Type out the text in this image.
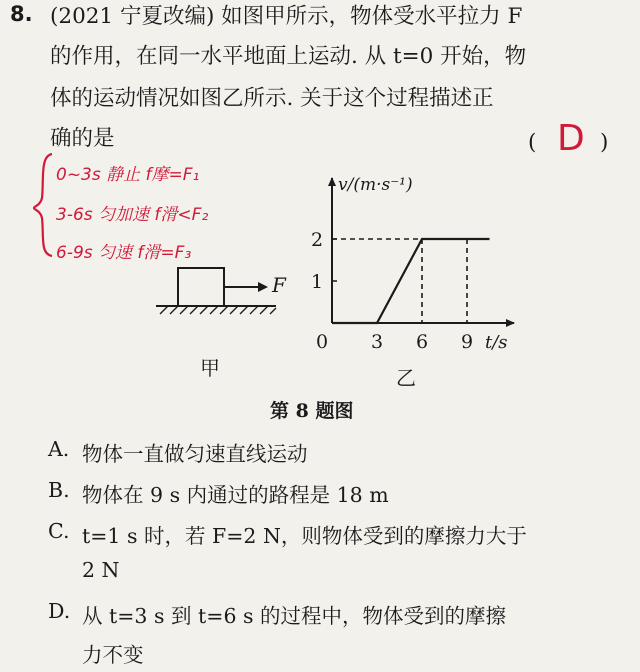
8. (2021 宁夏改编) 如图甲所示，物体受水平拉力 F
的作用，在同一水平地面上运动. 从 t=0 开始，物
体的运动情况如图乙所示. 关于这个过程描述正
确的是	( D )
0~3s 静止 f摩=F₁
3-6s 匀加速 f滑<F₂
6-9s 匀速 f滑=F₃
F
甲
v/(m·s⁻¹)
t/s
0 3 6 9
1
2
乙
第 8 题图
A. 物体一直做匀速直线运动
B. 物体在 9 s 内通过的路程是 18 m
C. t=1 s 时，若 F=2 N，则物体受到的摩擦力大于
2 N
D. 从 t=3 s 到 t=6 s 的过程中，物体受到的摩擦
力不变
